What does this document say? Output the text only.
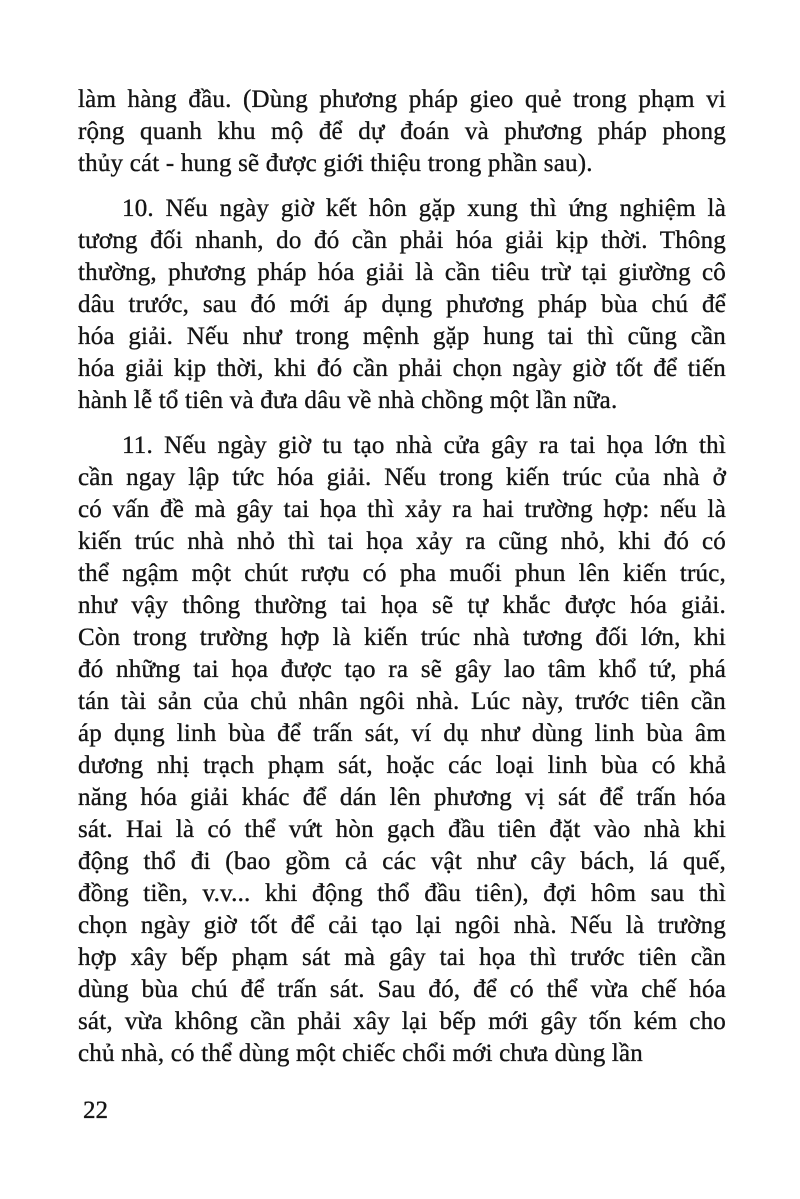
làm hàng đầu. (Dùng phương pháp gieo quẻ trong phạm vi
rộng quanh khu mộ để dự đoán và phương pháp phong
thủy cát - hung sẽ được giới thiệu trong phần sau).
10. Nếu ngày giờ kết hôn gặp xung thì ứng nghiệm là
tương đối nhanh, do đó cần phải hóa giải kịp thời. Thông
thường, phương pháp hóa giải là cần tiêu trừ tại giường cô
dâu trước, sau đó mới áp dụng phương pháp bùa chú để
hóa giải. Nếu như trong mệnh gặp hung tai thì cũng cần
hóa giải kịp thời, khi đó cần phải chọn ngày giờ tốt để tiến
hành lễ tổ tiên và đưa dâu về nhà chồng một lần nữa.
11. Nếu ngày giờ tu tạo nhà cửa gây ra tai họa lớn thì
cần ngay lập tức hóa giải. Nếu trong kiến trúc của nhà ở
có vấn đề mà gây tai họa thì xảy ra hai trường hợp: nếu là
kiến trúc nhà nhỏ thì tai họa xảy ra cũng nhỏ, khi đó có
thể ngậm một chút rượu có pha muối phun lên kiến trúc,
như vậy thông thường tai họa sẽ tự khắc được hóa giải.
Còn trong trường hợp là kiến trúc nhà tương đối lớn, khi
đó những tai họa được tạo ra sẽ gây lao tâm khổ tứ, phá
tán tài sản của chủ nhân ngôi nhà. Lúc này, trước tiên cần
áp dụng linh bùa để trấn sát, ví dụ như dùng linh bùa âm
dương nhị trạch phạm sát, hoặc các loại linh bùa có khả
năng hóa giải khác để dán lên phương vị sát để trấn hóa
sát. Hai là có thể vứt hòn gạch đầu tiên đặt vào nhà khi
động thổ đi (bao gồm cả các vật như cây bách, lá quế,
đồng tiền, v.v... khi động thổ đầu tiên), đợi hôm sau thì
chọn ngày giờ tốt để cải tạo lại ngôi nhà. Nếu là trường
hợp xây bếp phạm sát mà gây tai họa thì trước tiên cần
dùng bùa chú để trấn sát. Sau đó, để có thể vừa chế hóa
sát, vừa không cần phải xây lại bếp mới gây tốn kém cho
chủ nhà, có thể dùng một chiếc chổi mới chưa dùng lần
22
